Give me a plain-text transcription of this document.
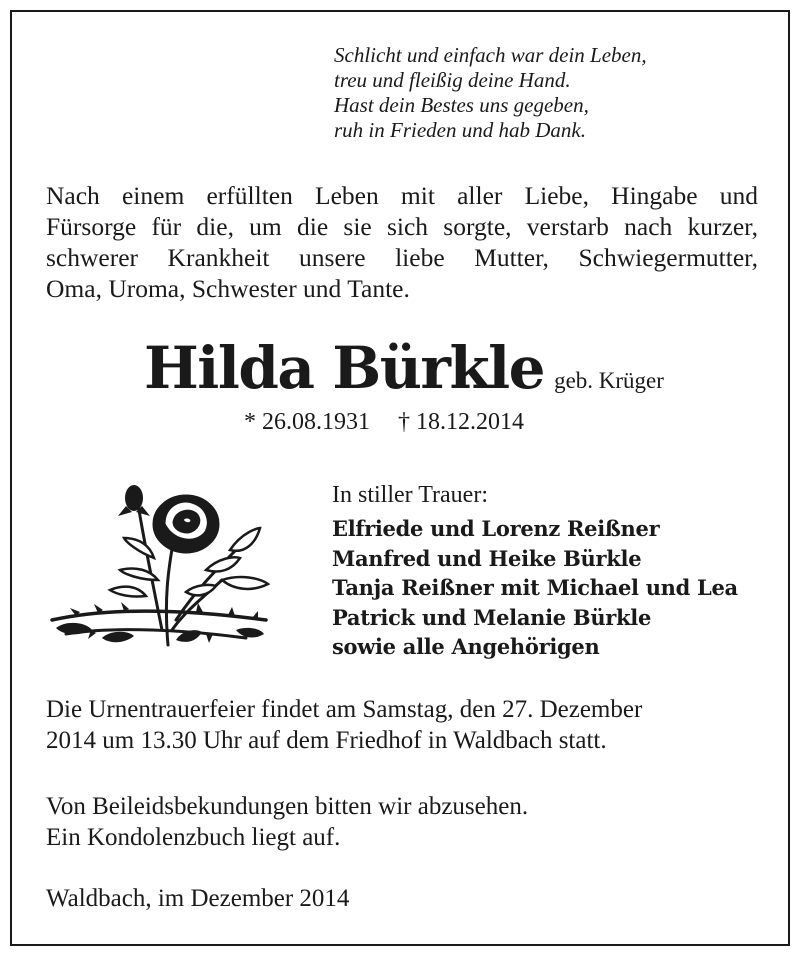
Schlicht und einfach war dein Leben,
treu und fleißig deine Hand.
Hast dein Bestes uns gegeben,
ruh in Frieden und hab Dank.
Nach einem erfüllten Leben mit aller Liebe, Hingabe und
Fürsorge für die, um die sie sich sorgte, verstarb nach kurzer,
schwerer Krankheit unsere liebe Mutter, Schwiegermutter,
Oma, Uroma, Schwester und Tante.
Hilda Bürkle geb. Krüger
* 26.08.1931 † 18.12.2014
In stiller Trauer:
Elfriede und Lorenz Reißner
Manfred und Heike Bürkle
Tanja Reißner mit Michael und Lea
Patrick und Melanie Bürkle
sowie alle Angehörigen
Die Urnentrauerfeier findet am Samstag, den 27. Dezember
2014 um 13.30 Uhr auf dem Friedhof in Waldbach statt.
Von Beileidsbekundungen bitten wir abzusehen.
Ein Kondolenzbuch liegt auf.
Waldbach, im Dezember 2014
